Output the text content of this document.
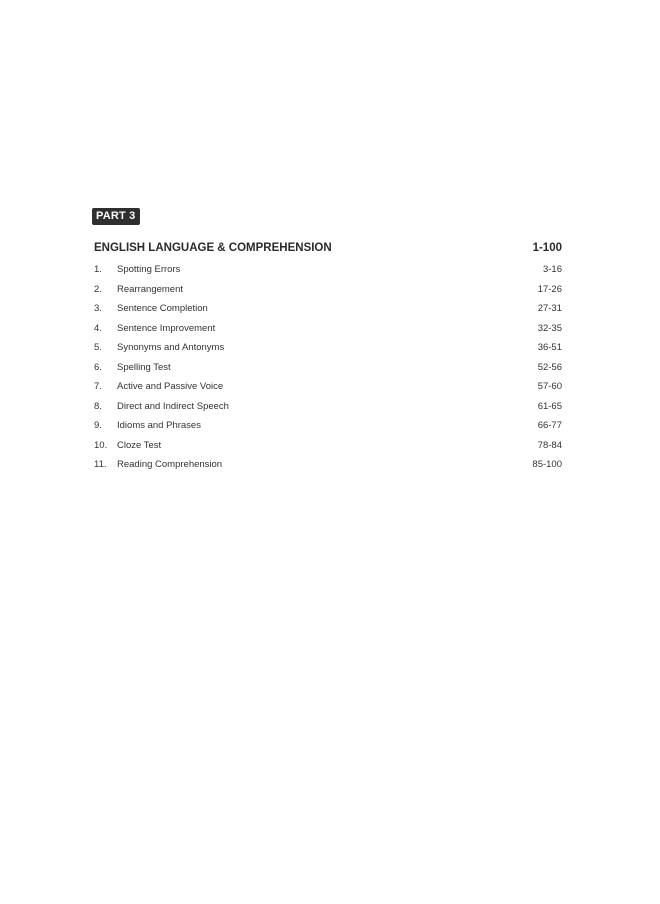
PART 3
ENGLISH LANGUAGE & COMPREHENSION	1-100
1.	Spotting Errors	3-16
2.	Rearrangement	17-26
3.	Sentence Completion	27-31
4.	Sentence Improvement	32-35
5.	Synonyms and Antonyms	36-51
6.	Spelling Test	52-56
7.	Active and Passive Voice	57-60
8.	Direct and Indirect Speech	61-65
9.	Idioms and Phrases	66-77
10.	Cloze Test	78-84
11.	Reading Comprehension	85-100
